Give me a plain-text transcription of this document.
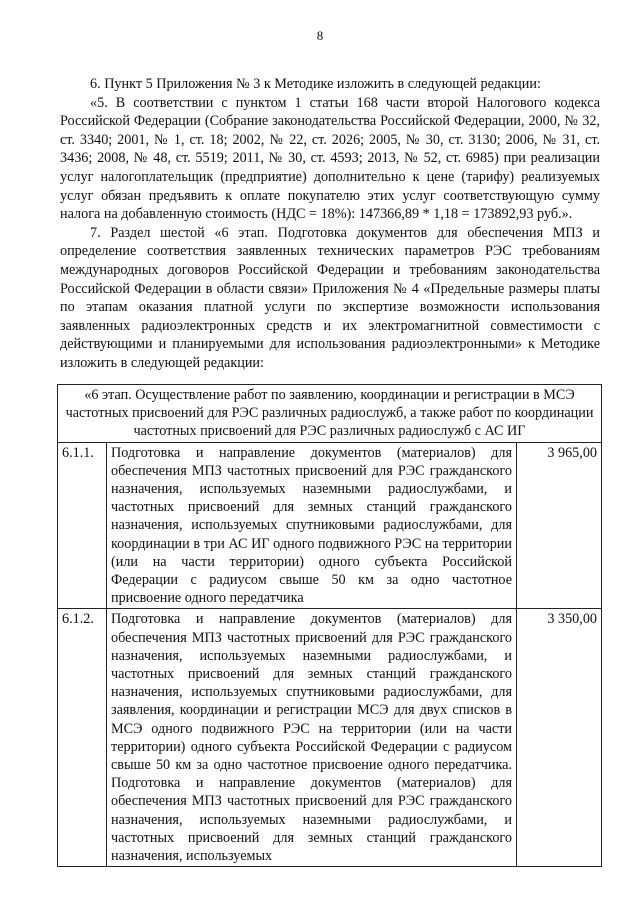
8

6. Пункт 5 Приложения № 3 к Методике изложить в следующей редакции:

«5. В соответствии с пунктом 1 статьи 168 части второй Налогового кодекса Российской Федерации (Собрание законодательства Российской Федерации, 2000, № 32, ст. 3340; 2001, № 1, ст. 18; 2002, № 22, ст. 2026; 2005, № 30, ст. 3130; 2006, № 31, ст. 3436; 2008, № 48, ст. 5519; 2011, № 30, ст. 4593; 2013, № 52, ст. 6985) при реализации услуг налогоплательщик (предприятие) дополнительно к цене (тарифу) реализуемых услуг обязан предъявить к оплате покупателю этих услуг соответствующую сумму налога на добавленную стоимость (НДС = 18%): 147366,89 * 1,18 = 173892,93 руб.».

7. Раздел шестой «6 этап. Подготовка документов для обеспечения МПЗ и определение соответствия заявленных технических параметров РЭС требованиям международных договоров Российской Федерации и требованиям законодательства Российской Федерации в области связи» Приложения № 4 «Предельные размеры платы по этапам оказания платной услуги по экспертизе возможности использования заявленных радиоэлектронных средств и их электромагнитной совместимости с действующими и планируемыми для использования радиоэлектронными» к Методике изложить в следующей редакции:

«6 этап. Осуществление работ по заявлению, координации и регистрации в МСЭ частотных присвоений для РЭС различных радиослужб, а также работ по координации частотных присвоений для РЭС различных радиослужб с АС ИГ		
6.1.1.	Подготовка и направление документов (материалов) для обеспечения МПЗ частотных присвоений для РЭС гражданского назначения, используемых наземными радиослужбами, и частотных присвоений для земных станций гражданского назначения, используемых спутниковыми радиослужбами, для координации в три АС ИГ одного подвижного РЭС на территории (или на части территории) одного субъекта Российской Федерации с радиусом свыше 50 км за одно частотное присвоение одного передатчика	3 965,00
6.1.2.	Подготовка и направление документов (материалов) для обеспечения МПЗ частотных присвоений для РЭС гражданского назначения, используемых наземными радиослужбами, и частотных присвоений для земных станций гражданского назначения, используемых спутниковыми радиослужбами, для заявления, координации и регистрации МСЭ для двух списков в МСЭ одного подвижного РЭС на территории (или на части территории) одного субъекта Российской Федерации с радиусом свыше 50 км за одно частотное присвоение одного передатчика. Подготовка и направление документов (материалов) для обеспечения МПЗ частотных присвоений для РЭС гражданского назначения, используемых наземными радиослужбами, и частотных присвоений для земных станций гражданского назначения, используемых	3 350,00
